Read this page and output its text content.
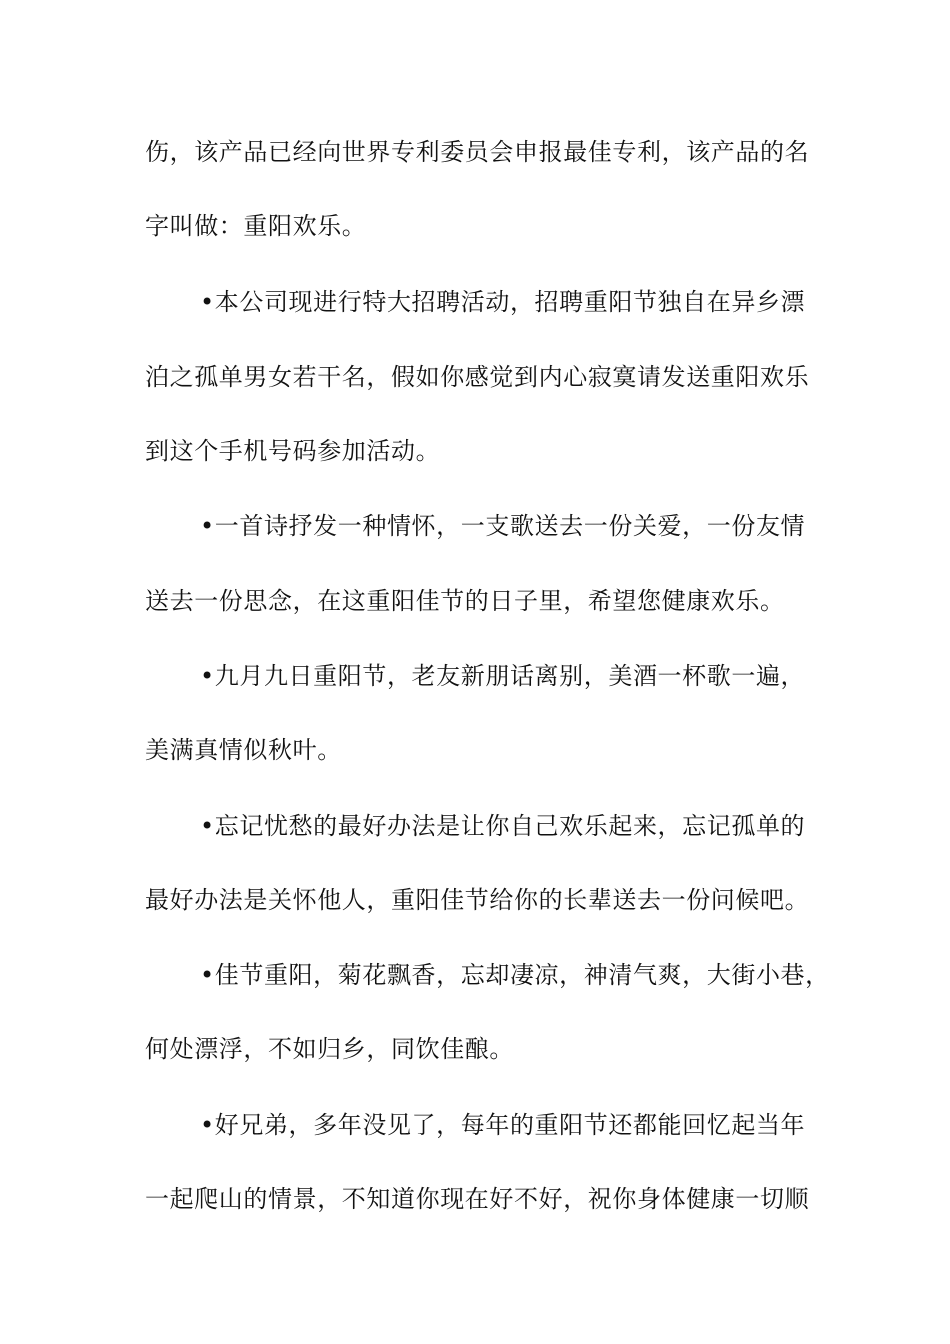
伤，该产品已经向世界专利委员会申报最佳专利，该产品的名
字叫做：重阳欢乐。
•本公司现进行特大招聘活动，招聘重阳节独自在异乡漂
泊之孤单男女若干名，假如你感觉到内心寂寞请发送重阳欢乐
到这个手机号码参加活动。
•一首诗抒发一种情怀，一支歌送去一份关爱，一份友情
送去一份思念，在这重阳佳节的日子里，希望您健康欢乐。
•九月九日重阳节，老友新朋话离别，美酒一杯歌一遍，
美满真情似秋叶。
•忘记忧愁的最好办法是让你自己欢乐起来，忘记孤单的
最好办法是关怀他人，重阳佳节给你的长辈送去一份问候吧。
•佳节重阳，菊花飘香，忘却凄凉，神清气爽，大街小巷，
何处漂浮，不如归乡，同饮佳酿。
•好兄弟，多年没见了，每年的重阳节还都能回忆起当年
一起爬山的情景，不知道你现在好不好，祝你身体健康一切顺
